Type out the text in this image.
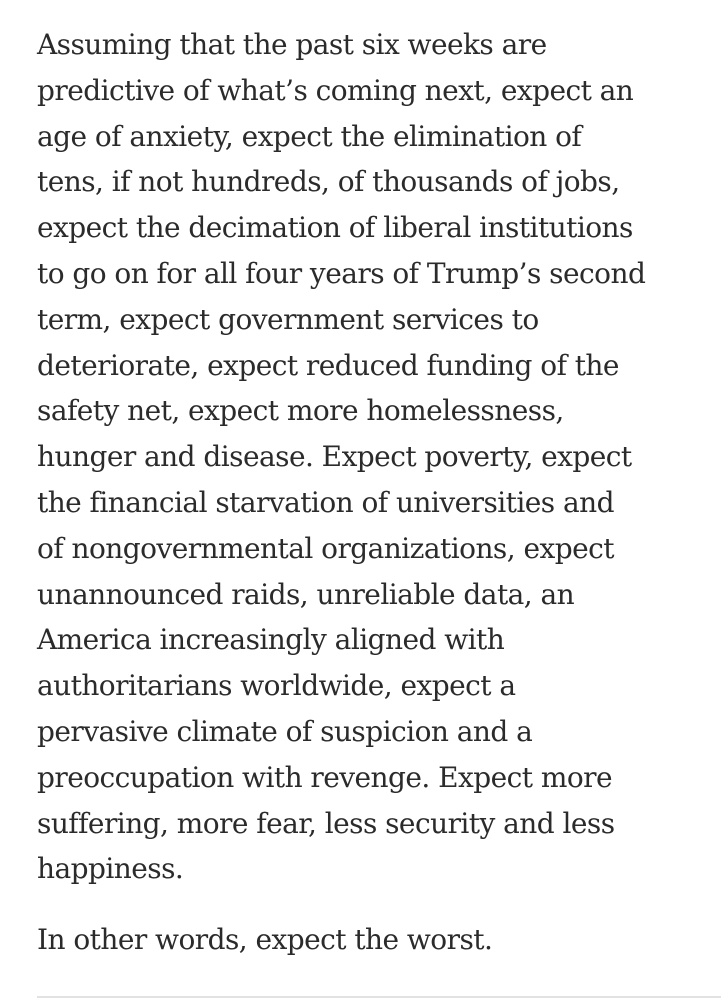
Assuming that the past six weeks are
predictive of what’s coming next, expect an
age of anxiety, expect the elimination of
tens, if not hundreds, of thousands of jobs,
expect the decimation of liberal institutions
to go on for all four years of Trump’s second
term, expect government services to
deteriorate, expect reduced funding of the
safety net, expect more homelessness,
hunger and disease. Expect poverty, expect
the financial starvation of universities and
of nongovernmental organizations, expect
unannounced raids, unreliable data, an
America increasingly aligned with
authoritarians worldwide, expect a
pervasive climate of suspicion and a
preoccupation with revenge. Expect more
suffering, more fear, less security and less
happiness.

In other words, expect the worst.
